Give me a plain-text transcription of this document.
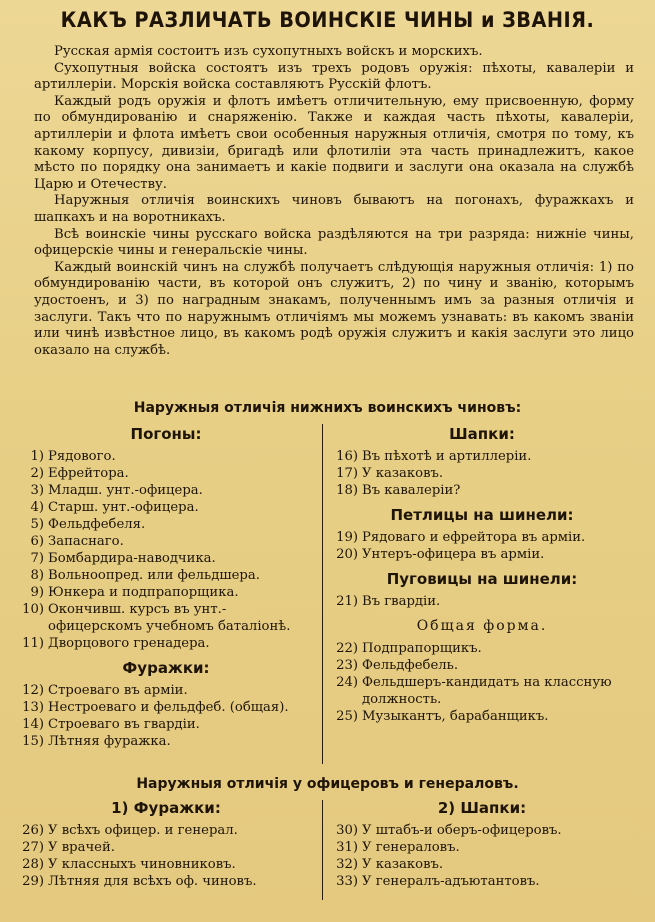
КАКЪ РАЗЛИЧАТЬ ВОИНСКІЕ ЧИНЫ и ЗВАНІЯ.

Русская армія состоитъ изъ сухопутныхъ войскъ и морскихъ.

Сухопутныя войска состоятъ изъ трехъ родовъ оружія: пѣхоты, кавалеріи и артиллеріи. Морскія войска составляютъ Русскій флотъ.

Каждый родъ оружія и флотъ имѣетъ отличительную, ему присвоенную, форму по обмундированію и снаряженію. Также и каждая часть пѣхоты, кавалеріи, артиллеріи и флота имѣетъ свои особенныя наружныя отличія, смотря по тому, къ какому корпусу, дивизіи, бригадѣ или флотиліи эта часть принадлежитъ, какое мѣсто по порядку она занимаетъ и какіе подвиги и заслуги она оказала на службѣ Царю и Отечеству.

Наружныя отличія воинскихъ чиновъ бываютъ на погонахъ, фуражкахъ и шапкахъ и на воротникахъ.

Всѣ воинскіе чины русскаго войска раздѣляются на три разряда: нижніе чины, офицерскіе чины и генеральскіе чины.

Каждый воинскій чинъ на службѣ получаетъ слѣдующія наружныя отличія: 1) по обмундированію части, въ которой онъ служитъ, 2) по чину и званію, которымъ удостоенъ, и 3) по наградным знакамъ, полученнымъ имъ за разныя отличія и заслуги. Такъ что по наружнымъ отличіямъ мы можемъ узнавать: въ какомъ званіи или чинѣ извѣстное лицо, въ какомъ родѣ оружія служитъ и какія заслуги это лицо оказало на службѣ.

Наружныя отличія нижнихъ воинскихъ чиновъ:
Погоны:
1) Рядового.
2) Ефрейтора.
3) Младш. унт.-офицера.
4) Старш. унт.-офицера.
5) Фельдфебеля.
6) Запаснаго.
7) Бомбардира-наводчика.
8) Вольноопред. или фельдшера.
9) Юнкера и подпрапорщика.
10) Окончивш. курсъ въ унт.-офицерскомъ учебномъ баталіонѣ.
11) Дворцового гренадера.
Фуражки:
12) Строеваго въ арміи.
13) Нестроеваго и фельдфеб. (общая).
14) Строеваго въ гвардіи.
15) Лѣтняя фуражка.
Шапки:
16) Въ пѣхотѣ и артиллеріи.
17) У казаковъ.
18) Въ кавалеріи?
Петлицы на шинели:
19) Рядоваго и ефрейтора въ арміи.
20) Унтеръ-офицера въ арміи.
Пуговицы на шинели:
21) Въ гвардіи.
Общая форма.
22) Подпрапорщикъ.
23) Фельдфебель.
24) Фельдшеръ-кандидатъ на классную должность.
25) Музыкантъ, барабанщикъ.
Наружныя отличія у офицеровъ и генераловъ.
1) Фуражки:
26) У всѣхъ офицер. и генерал.
27) У врачей.
28) У классныхъ чиновниковъ.
29) Лѣтняя для всѣхъ оф. чиновъ.
2) Шапки:
30) У штабъ-и оберъ-офицеровъ.
31) У генераловъ.
32) У казаковъ.
33) У генералъ-адъютантовъ.
